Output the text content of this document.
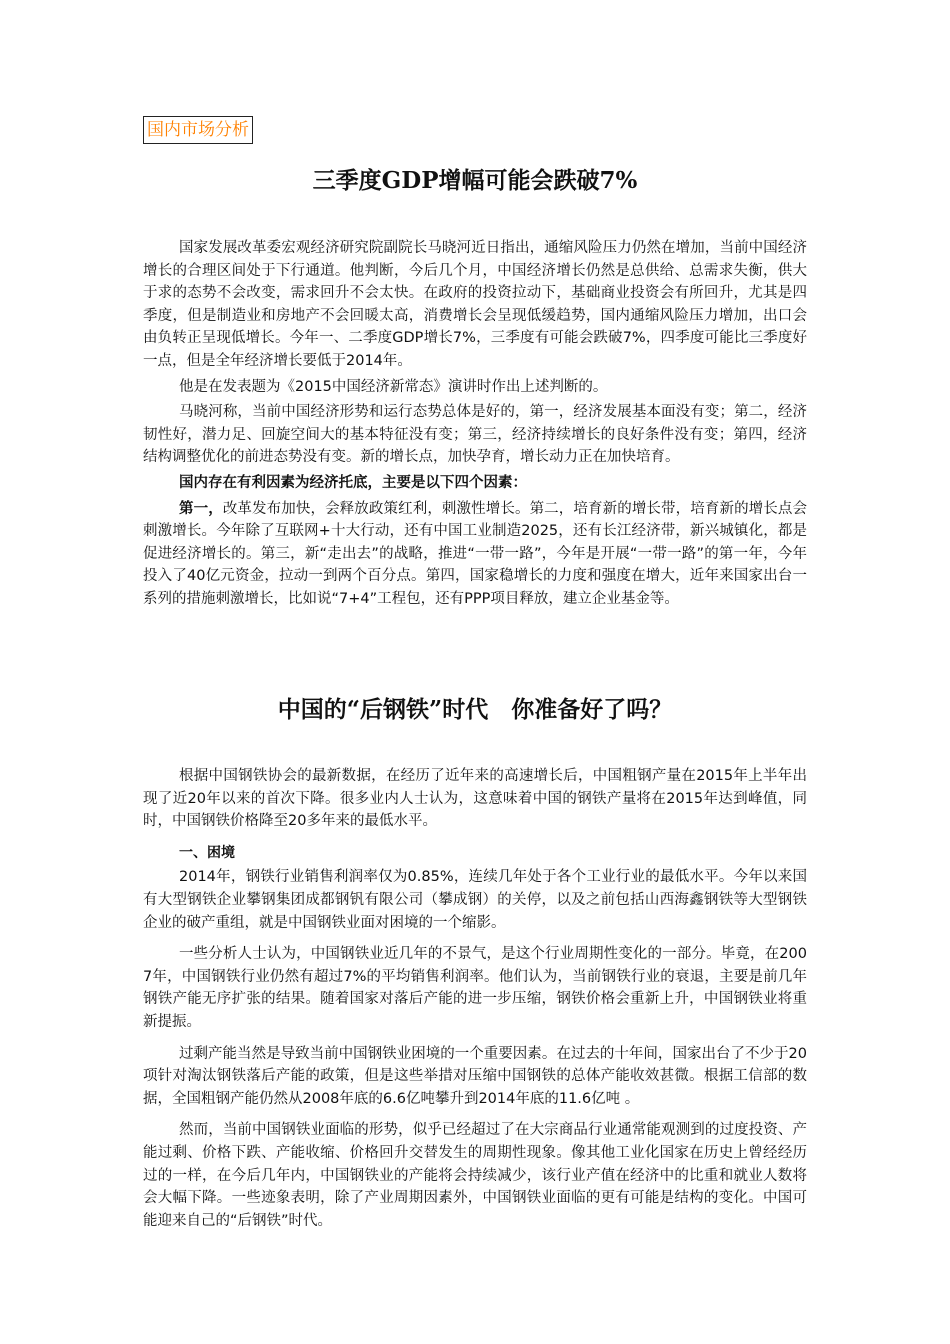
国内市场分析
三季度GDP增幅可能会跌破7%

国家发展改革委宏观经济研究院副院长马晓河近日指出，通缩风险压力仍然在增加，当前中国经济增长的合理区间处于下行通道。他判断，今后几个月，中国经济增长仍然是总供给、总需求失衡，供大于求的态势不会改变，需求回升不会太快。在政府的投资拉动下，基础商业投资会有所回升，尤其是四季度，但是制造业和房地产不会回暖太高，消费增长会呈现低缓趋势，国内通缩风险压力增加，出口会由负转正呈现低增长。今年一、二季度GDP增长7%，三季度有可能会跌破7%，四季度可能比三季度好一点，但是全年经济增长要低于2014年。

他是在发表题为《2015中国经济新常态》演讲时作出上述判断的。

马晓河称，当前中国经济形势和运行态势总体是好的，第一，经济发展基本面没有变；第二，经济韧性好，潜力足、回旋空间大的基本特征没有变；第三，经济持续增长的良好条件没有变；第四，经济结构调整优化的前进态势没有变。新的增长点，加快孕育，增长动力正在加快培育。

国内存在有利因素为经济托底，主要是以下四个因素：

第一，改革发布加快，会释放政策红利，刺激性增长。第二，培育新的增长带，培育新的增长点会刺激增长。今年除了互联网+十大行动，还有中国工业制造2025，还有长江经济带，新兴城镇化，都是促进经济增长的。第三，新“走出去”的战略，推进“一带一路”，今年是开展“一带一路”的第一年，今年投入了40亿元资金，拉动一到两个百分点。第四，国家稳增长的力度和强度在增大，近年来国家出台一系列的措施刺激增长，比如说“7+4”工程包，还有PPP项目释放，建立企业基金等。

中国的“后钢铁”时代　你准备好了吗？

根据中国钢铁协会的最新数据，在经历了近年来的高速增长后，中国粗钢产量在2015年上半年出现了近20年以来的首次下降。很多业内人士认为，这意味着中国的钢铁产量将在2015年达到峰值，同时，中国钢铁价格降至20多年来的最低水平。

一、困境

2014年，钢铁行业销售利润率仅为0.85%，连续几年处于各个工业行业的最低水平。今年以来国有大型钢铁企业攀钢集团成都钢钒有限公司（攀成钢）的关停，以及之前包括山西海鑫钢铁等大型钢铁企业的破产重组，就是中国钢铁业面对困境的一个缩影。

一些分析人士认为，中国钢铁业近几年的不景气，是这个行业周期性变化的一部分。毕竟，在2007年，中国钢铁行业仍然有超过7%的平均销售利润率。他们认为，当前钢铁行业的衰退，主要是前几年钢铁产能无序扩张的结果。随着国家对落后产能的进一步压缩，钢铁价格会重新上升，中国钢铁业将重新提振。

过剩产能当然是导致当前中国钢铁业困境的一个重要因素。在过去的十年间，国家出台了不少于20项针对淘汰钢铁落后产能的政策，但是这些举措对压缩中国钢铁的总体产能收效甚微。根据工信部的数据，全国粗钢产能仍然从2008年底的6.6亿吨攀升到2014年底的11.6亿吨 。

然而，当前中国钢铁业面临的形势，似乎已经超过了在大宗商品行业通常能观测到的过度投资、产能过剩、价格下跌、产能收缩、价格回升交替发生的周期性现象。像其他工业化国家在历史上曾经经历过的一样，在今后几年内，中国钢铁业的产能将会持续减少，该行业产值在经济中的比重和就业人数将会大幅下降。一些迹象表明，除了产业周期因素外，中国钢铁业面临的更有可能是结构的变化。中国可能迎来自己的“后钢铁”时代。
